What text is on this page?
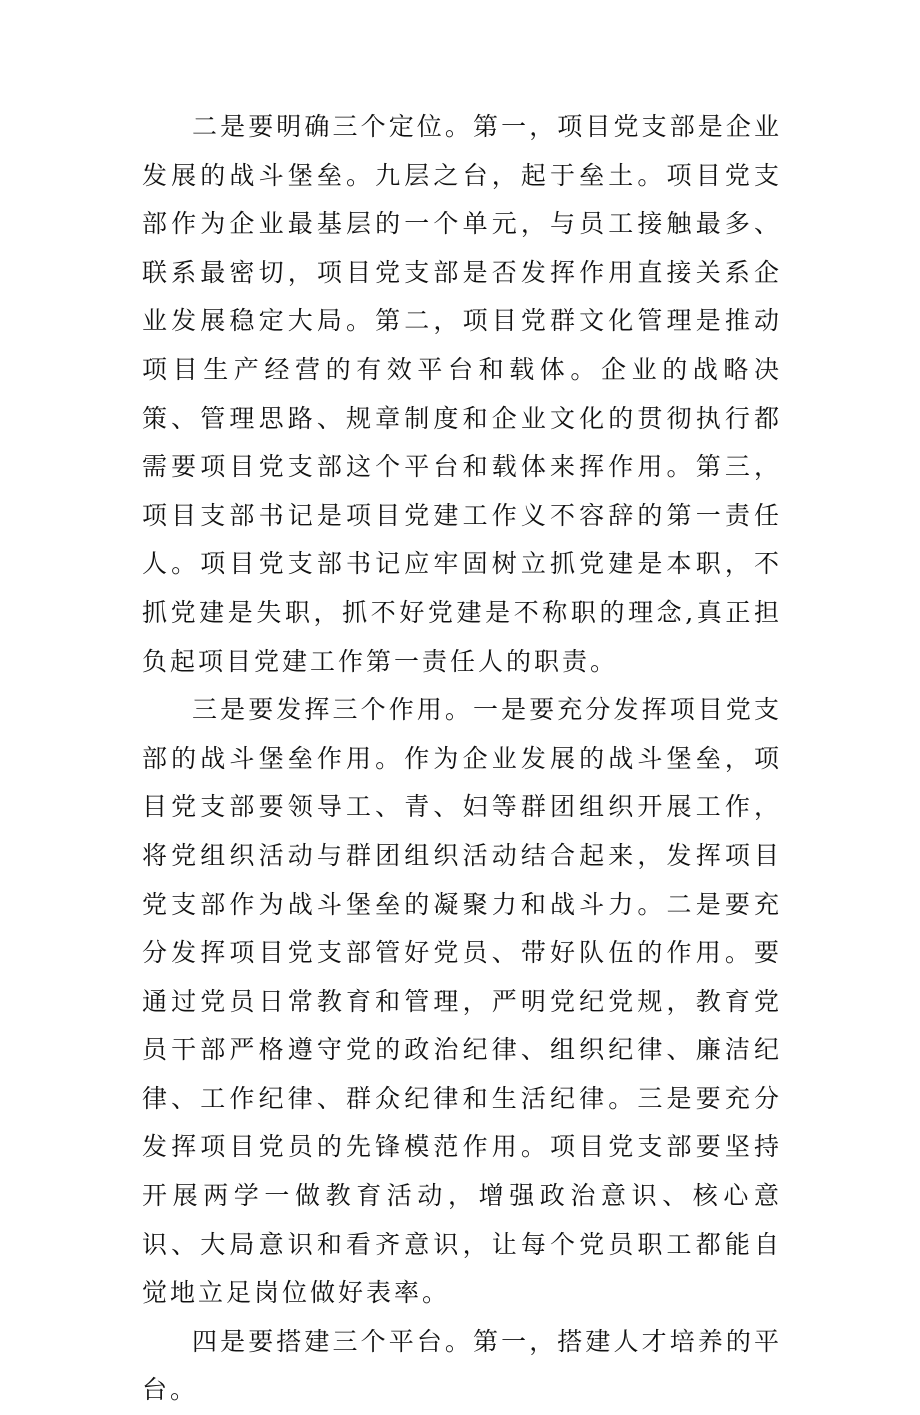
二是要明确三个定位。第一，项目党支部是企业发展的战斗堡垒。九层之台，起于垒土。项目党支部作为企业最基层的一个单元，与员工接触最多、联系最密切，项目党支部是否发挥作用直接关系企业发展稳定大局。第二，项目党群文化管理是推动项目生产经营的有效平台和载体。企业的战略决策、管理思路、规章制度和企业文化的贯彻执行都需要项目党支部这个平台和载体来挥作用。第三，项目支部书记是项目党建工作义不容辞的第一责任人。项目党支部书记应牢固树立抓党建是本职，不抓党建是失职，抓不好党建是不称职的理念,真正担负起项目党建工作第一责任人的职责。

三是要发挥三个作用。一是要充分发挥项目党支部的战斗堡垒作用。作为企业发展的战斗堡垒，项目党支部要领导工、青、妇等群团组织开展工作，将党组织活动与群团组织活动结合起来，发挥项目党支部作为战斗堡垒的凝聚力和战斗力。二是要充分发挥项目党支部管好党员、带好队伍的作用。要通过党员日常教育和管理，严明党纪党规，教育党员干部严格遵守党的政治纪律、组织纪律、廉洁纪律、工作纪律、群众纪律和生活纪律。三是要充分发挥项目党员的先锋模范作用。项目党支部要坚持开展两学一做教育活动，增强政治意识、核心意识、大局意识和看齐意识，让每个党员职工都能自觉地立足岗位做好表率。

四是要搭建三个平台。第一，搭建人才培养的平台。
